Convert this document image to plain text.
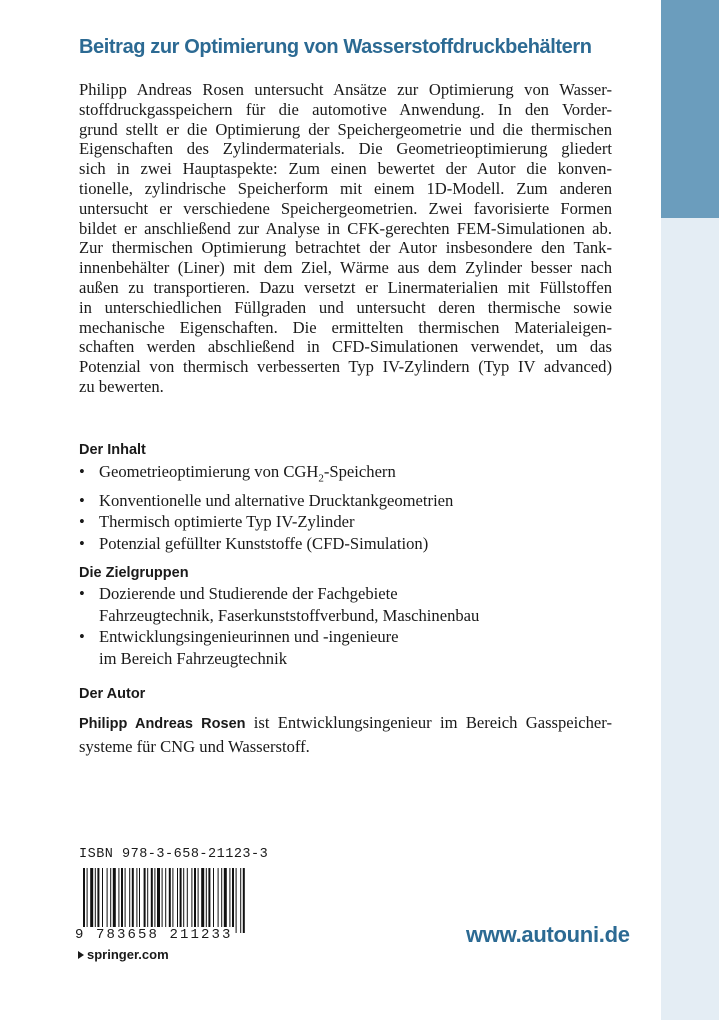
Beitrag zur Optimierung von Wasserstoffdruckbehältern

Philipp Andreas Rosen untersucht Ansätze zur Optimierung von Wasser-
stoffdruckgasspeichern für die automotive Anwendung. In den Vorder-
grund stellt er die Optimierung der Speichergeometrie und die thermischen
Eigenschaften des Zylindermaterials. Die Geometrieoptimierung gliedert
sich in zwei Hauptaspekte: Zum einen bewertet der Autor die konven-
tionelle, zylindrische Speicherform mit einem 1D-Modell. Zum anderen
untersucht er verschiedene Speichergeometrien. Zwei favorisierte Formen
bildet er anschließend zur Analyse in CFK-gerechten FEM-Simulationen ab.
Zur thermischen Optimierung betrachtet der Autor insbesondere den Tank-
innenbehälter (Liner) mit dem Ziel, Wärme aus dem Zylinder besser nach
außen zu transportieren. Dazu versetzt er Linermaterialien mit Füllstoffen
in unterschiedlichen Füllgraden und untersucht deren thermische sowie
mechanische Eigenschaften. Die ermittelten thermischen Materialeigen-
schaften werden abschließend in CFD-Simulationen verwendet, um das
Potenzial von thermisch verbesserten Typ IV-Zylindern (Typ IV advanced)
zu bewerten.

Der Inhalt
• Geometrieoptimierung von $CGH_2$-Speichern
• Konventionelle und alternative Drucktankgeometrien
• Thermisch optimierte Typ IV-Zylinder
• Potenzial gefüllter Kunststoffe (CFD-Simulation)
Die Zielgruppen
• Dozierende und Studierende der Fachgebiete
Fahrzeugtechnik, Faserkunststoffverbund, Maschinenbau
• Entwicklungsingenieurinnen und -ingenieure
im Bereich Fahrzeugtechnik
Der Autor

Philipp Andreas Rosen ist Entwicklungsingenieur im Bereich Gasspeicher-
systeme für CNG und Wasserstoff.

ISBN 978-3-658-21123-3

9 783658 211233

springer.com

www.autouni.de
